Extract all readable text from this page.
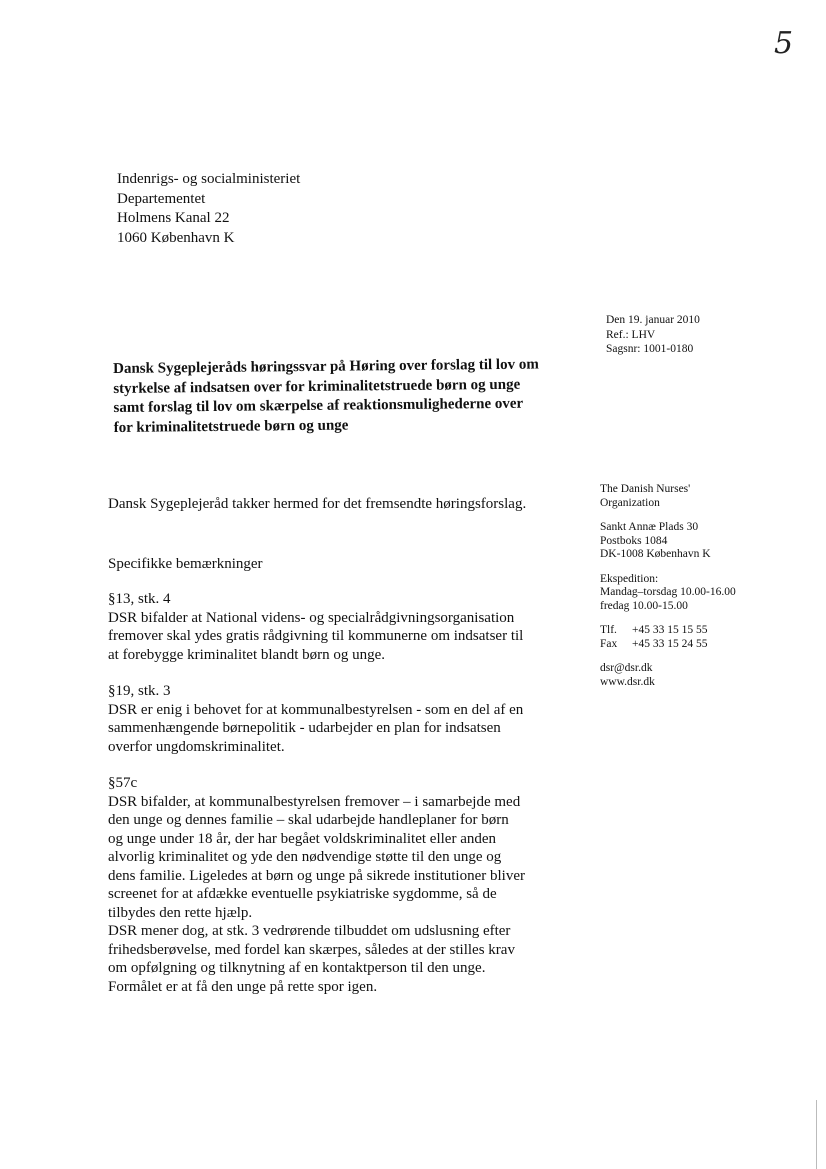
5
Indenrigs- og socialministeriet
Departementet
Holmens Kanal 22
1060 København K
Den 19. januar 2010
Ref.: LHV
Sagsnr: 1001-0180
Dansk Sygeplejeråds høringssvar på Høring over forslag til lov om
styrkelse af indsatsen over for kriminalitetstruede børn og unge
samt forslag til lov om skærpelse af reaktionsmulighederne over
for kriminalitetstruede børn og unge
The Danish Nurses'
Organization
Sankt Annæ Plads 30
Postboks 1084
DK-1008 København K
Ekspedition:
Mandag–torsdag 10.00-16.00
fredag 10.00-15.00
Tlf.	+45 33 15 15 55
Fax	+45 33 15 24 55
dsr@dsr.dk
www.dsr.dk

Dansk Sygeplejeråd takker hermed for det fremsendte høringsforslag.

Specifikke bemærkninger

§13, stk. 4

DSR bifalder at National videns- og specialrådgivningsorganisation

fremover skal ydes gratis rådgivning til kommunerne om indsatser til

at forebygge kriminalitet blandt børn og unge.

§19, stk. 3

DSR er enig i behovet for at kommunalbestyrelsen - som en del af en

sammenhængende børnepolitik - udarbejder en plan for indsatsen

overfor ungdomskriminalitet.

§57c

DSR bifalder, at kommunalbestyrelsen fremover – i samarbejde med

den unge og dennes familie – skal udarbejde handleplaner for børn

og unge under 18 år, der har begået voldskriminalitet eller anden

alvorlig kriminalitet og yde den nødvendige støtte til den unge og

dens familie. Ligeledes at børn og unge på sikrede institutioner bliver

screenet for at afdække eventuelle psykiatriske sygdomme, så de

tilbydes den rette hjælp.

DSR mener dog, at stk. 3 vedrørende tilbuddet om udslusning efter

frihedsberøvelse, med fordel kan skærpes, således at der stilles krav

om opfølgning og tilknytning af en kontaktperson til den unge.

Formålet er at få den unge på rette spor igen.
